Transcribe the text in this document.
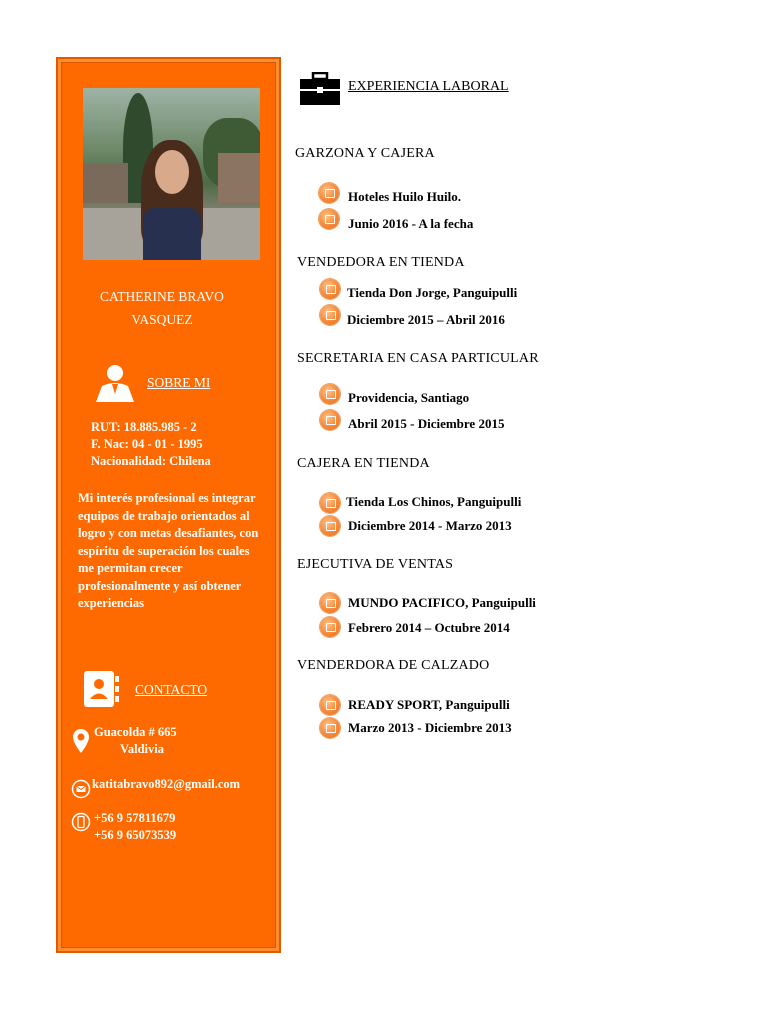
CATHERINE BRAVO
VASQUEZ
SOBRE MI
RUT: 18.885.985 - 2
F. Nac: 04 - 01 - 1995
Nacionalidad: Chilena
Mi interés profesional es integrar equipos de trabajo orientados al logro y con metas desafiantes, con espíritu de superación los cuales me permitan crecer profesionalmente y así obtener experiencias
CONTACTO
Guacolda # 665
Valdivia
katitabravo892@gmail.com
+56 9 57811679
+56 9 65073539
EXPERIENCIA LABORAL
GARZONA Y CAJERA
Hoteles Huilo Huilo.
Junio 2016 - A la fecha
VENDEDORA EN TIENDA
Tienda Don Jorge, Panguipulli
Diciembre 2015 – Abril 2016
SECRETARIA EN CASA PARTICULAR
Providencia, Santiago
Abril 2015 - Diciembre 2015
CAJERA EN TIENDA
Tienda Los Chinos, Panguipulli
Diciembre 2014 - Marzo 2013
EJECUTIVA DE VENTAS
MUNDO PACIFICO, Panguipulli
Febrero 2014 – Octubre 2014
VENDERDORA DE CALZADO
READY SPORT, Panguipulli
Marzo 2013 - Diciembre 2013
